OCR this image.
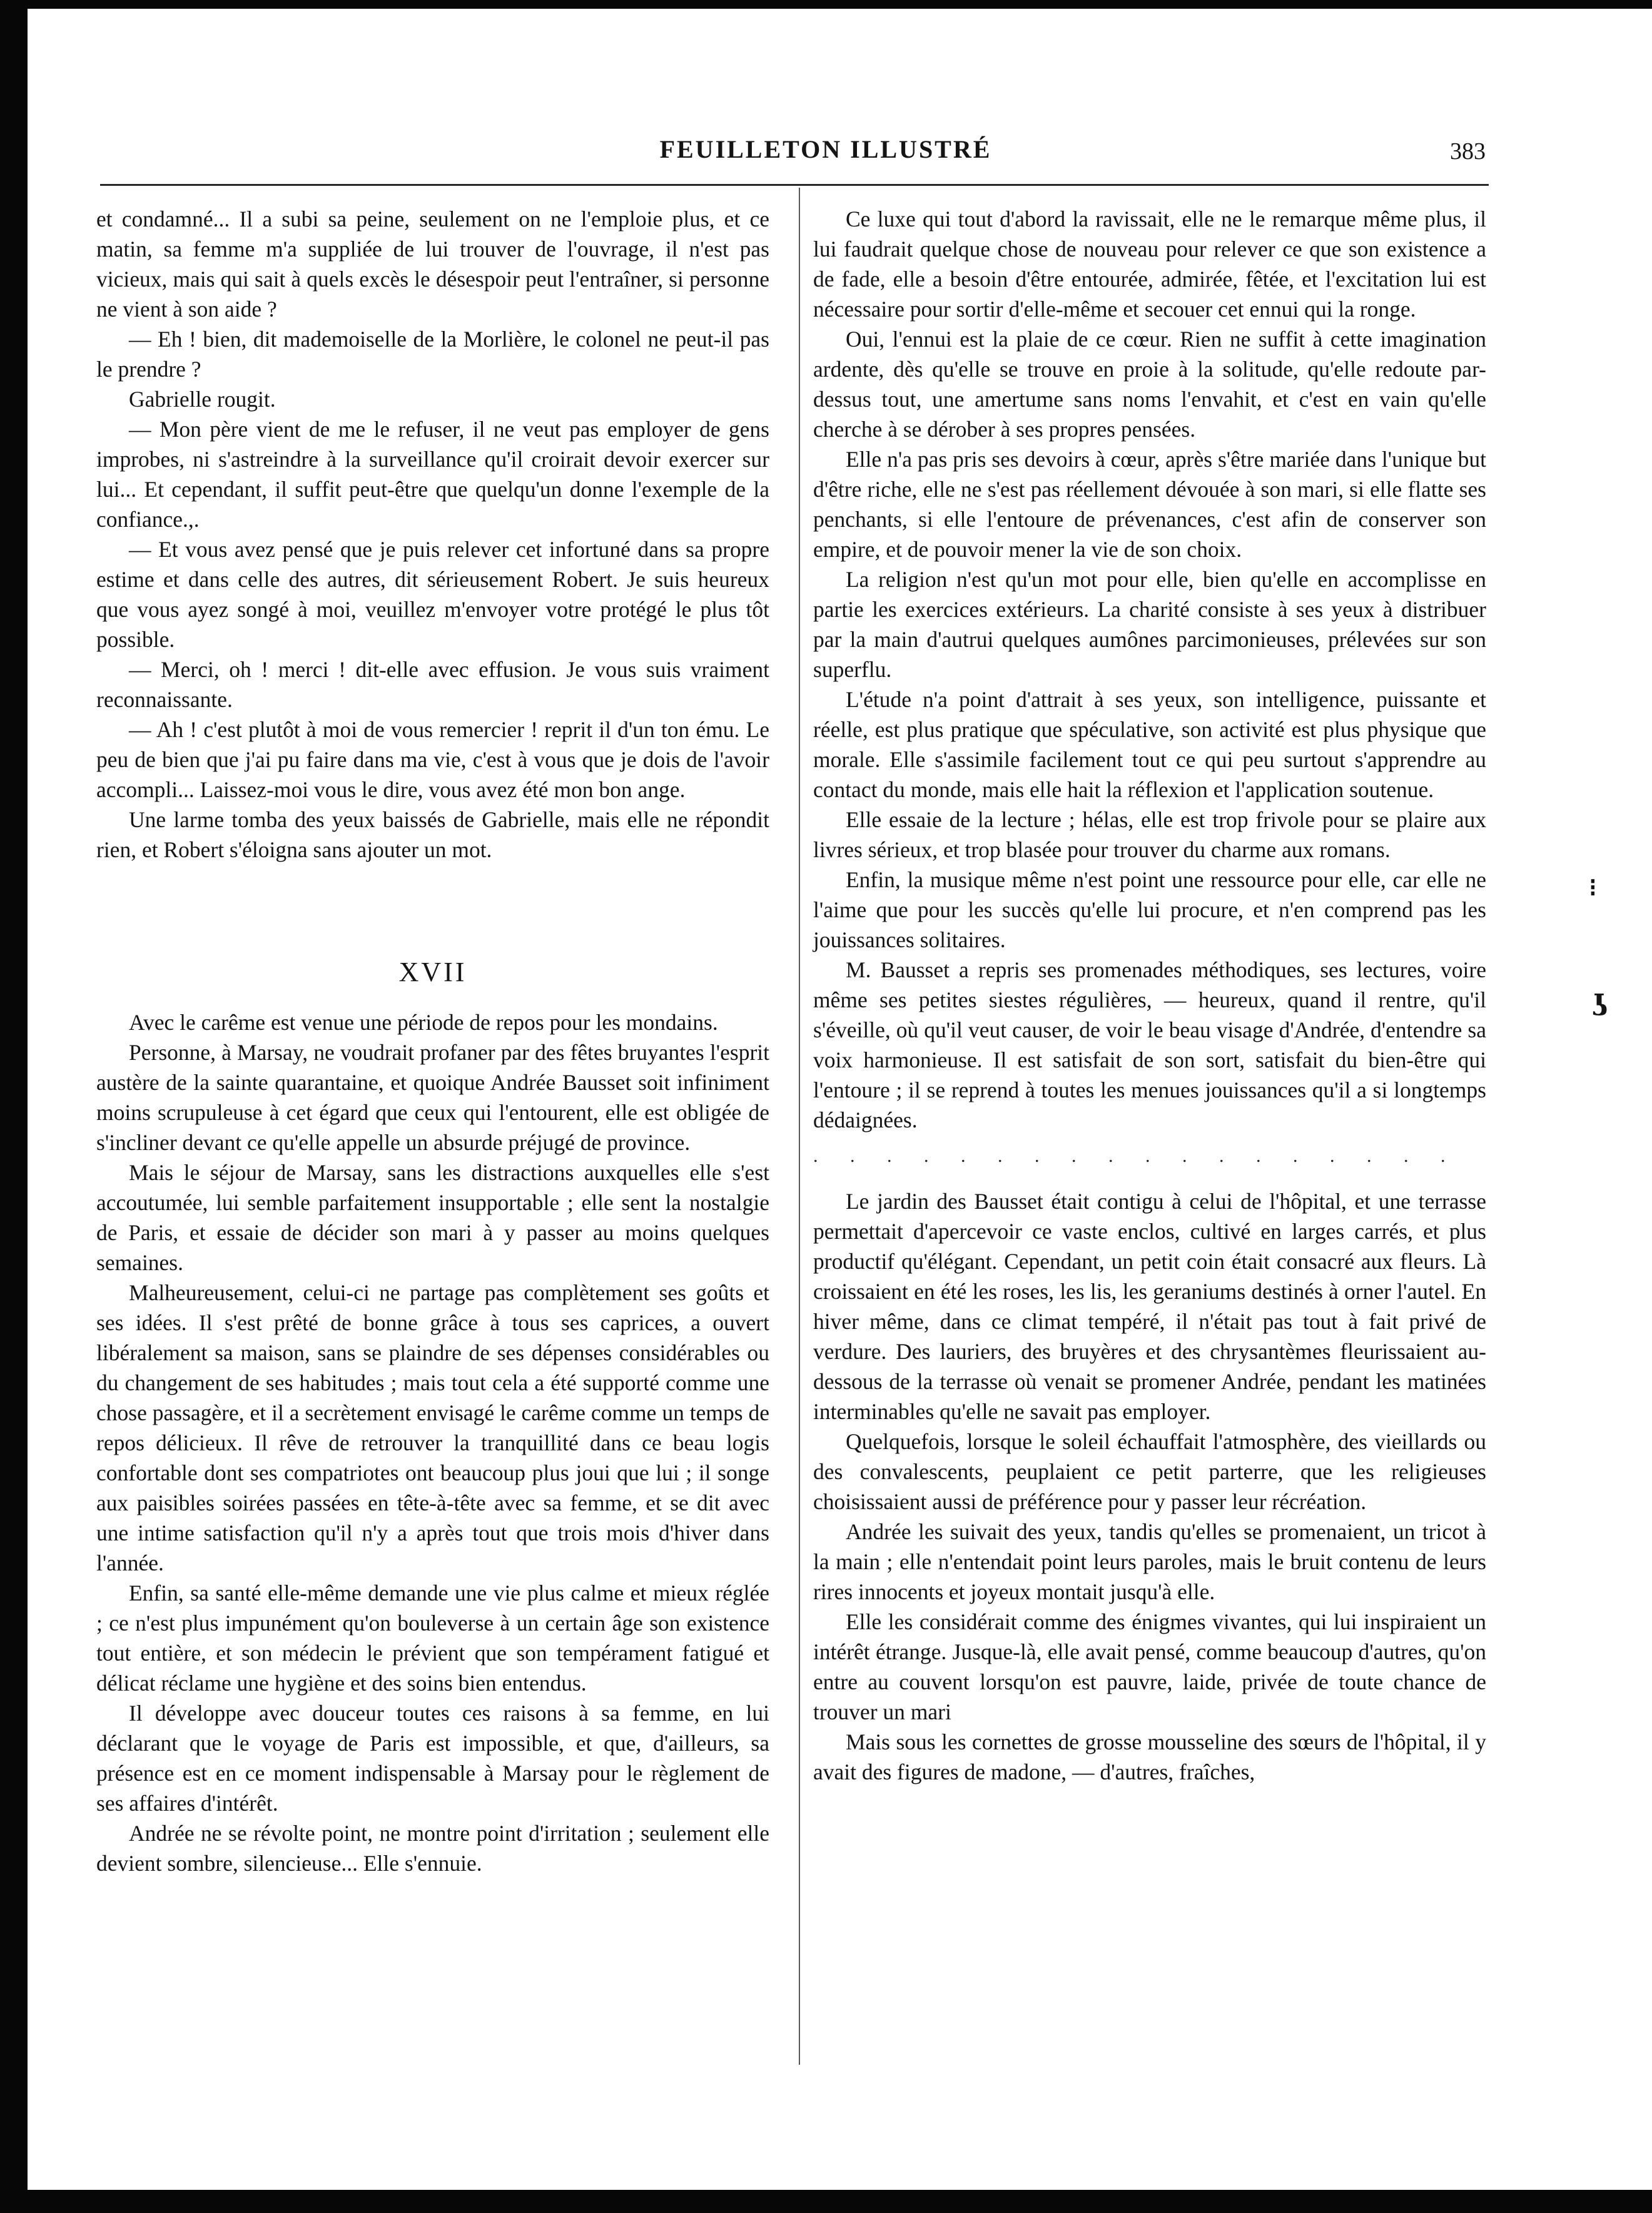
FEUILLETON ILLUSTRÉ	383

et condamné... Il a subi sa peine, seulement on ne l'emploie plus, et ce matin, sa femme m'a suppliée de lui trouver de l'ouvrage, il n'est pas vicieux, mais qui sait à quels excès le désespoir peut l'entraîner, si personne ne vient à son aide ?

— Eh ! bien, dit mademoiselle de la Morlière, le colonel ne peut-il pas le prendre ?

Gabrielle rougit.

— Mon père vient de me le refuser, il ne veut pas employer de gens improbes, ni s'astreindre à la surveillance qu'il croirait devoir exercer sur lui... Et cependant, il suffit peut-être que quelqu'un donne l'exemple de la confiance.,.

— Et vous avez pensé que je puis relever cet infortuné dans sa propre estime et dans celle des autres, dit sérieusement Robert. Je suis heureux que vous ayez songé à moi, veuillez m'envoyer votre protégé le plus tôt possible.

— Merci, oh ! merci ! dit-elle avec effusion. Je vous suis vraiment reconnaissante.

— Ah ! c'est plutôt à moi de vous remercier ! reprit il d'un ton ému. Le peu de bien que j'ai pu faire dans ma vie, c'est à vous que je dois de l'avoir accompli... Laissez-moi vous le dire, vous avez été mon bon ange.

Une larme tomba des yeux baissés de Gabrielle, mais elle ne répondit rien, et Robert s'éloigna sans ajouter un mot.

XVII

Avec le carême est venue une période de repos pour les mondains.

Personne, à Marsay, ne voudrait profaner par des fêtes bruyantes l'esprit austère de la sainte quarantaine, et quoique Andrée Bausset soit infiniment moins scrupuleuse à cet égard que ceux qui l'entourent, elle est obligée de s'incliner devant ce qu'elle appelle un absurde préjugé de province.

Mais le séjour de Marsay, sans les distractions auxquelles elle s'est accoutumée, lui semble parfaitement insupportable ; elle sent la nostalgie de Paris, et essaie de décider son mari à y passer au moins quelques semaines.

Malheureusement, celui-ci ne partage pas complètement ses goûts et ses idées. Il s'est prêté de bonne grâce à tous ses caprices, a ouvert libéralement sa maison, sans se plaindre de ses dépenses considérables ou du changement de ses habitudes ; mais tout cela a été supporté comme une chose passagère, et il a secrètement envisagé le carême comme un temps de repos délicieux. Il rêve de retrouver la tranquillité dans ce beau logis confortable dont ses compatriotes ont beaucoup plus joui que lui ; il songe aux paisibles soirées passées en tête-à-tête avec sa femme, et se dit avec une intime satisfaction qu'il n'y a après tout que trois mois d'hiver dans l'année.

Enfin, sa santé elle-même demande une vie plus calme et mieux réglée ; ce n'est plus impunément qu'on bouleverse à un certain âge son existence tout entière, et son médecin le prévient que son tempérament fatigué et délicat réclame une hygiène et des soins bien entendus.

Il développe avec douceur toutes ces raisons à sa femme, en lui déclarant que le voyage de Paris est impossible, et que, d'ailleurs, sa présence est en ce moment indispensable à Marsay pour le règlement de ses affaires d'intérêt.

Andrée ne se révolte point, ne montre point d'irritation ; seulement elle devient sombre, silencieuse... Elle s'ennuie.

Ce luxe qui tout d'abord la ravissait, elle ne le remarque même plus, il lui faudrait quelque chose de nouveau pour relever ce que son existence a de fade, elle a besoin d'être entourée, admirée, fêtée, et l'excitation lui est nécessaire pour sortir d'elle-même et secouer cet ennui qui la ronge.

Oui, l'ennui est la plaie de ce cœur. Rien ne suffit à cette imagination ardente, dès qu'elle se trouve en proie à la solitude, qu'elle redoute par-dessus tout, une amertume sans noms l'envahit, et c'est en vain qu'elle cherche à se dérober à ses propres pensées.

Elle n'a pas pris ses devoirs à cœur, après s'être mariée dans l'unique but d'être riche, elle ne s'est pas réellement dévouée à son mari, si elle flatte ses penchants, si elle l'entoure de prévenances, c'est afin de conserver son empire, et de pouvoir mener la vie de son choix.

La religion n'est qu'un mot pour elle, bien qu'elle en accomplisse en partie les exercices extérieurs. La charité consiste à ses yeux à distribuer par la main d'autrui quelques aumônes parcimonieuses, prélevées sur son superflu.

L'étude n'a point d'attrait à ses yeux, son intelligence, puissante et réelle, est plus pratique que spéculative, son activité est plus physique que morale. Elle s'assimile facilement tout ce qui peu surtout s'apprendre au contact du monde, mais elle hait la réflexion et l'application soutenue.

Elle essaie de la lecture ; hélas, elle est trop frivole pour se plaire aux livres sérieux, et trop blasée pour trouver du charme aux romans.

Enfin, la musique même n'est point une ressource pour elle, car elle ne l'aime que pour les succès qu'elle lui procure, et n'en comprend pas les jouissances solitaires.

M. Bausset a repris ses promenades méthodiques, ses lectures, voire même ses petites siestes régulières, — heureux, quand il rentre, qu'il s'éveille, où qu'il veut causer, de voir le beau visage d'Andrée, d'entendre sa voix harmonieuse. Il est satisfait de son sort, satisfait du bien-être qui l'entoure ; il se reprend à toutes les menues jouissances qu'il a si longtemps dédaignées.

. . . . . . . . . . . . . . . . . .

Le jardin des Bausset était contigu à celui de l'hôpital, et une terrasse permettait d'apercevoir ce vaste enclos, cultivé en larges carrés, et plus productif qu'élégant. Cependant, un petit coin était consacré aux fleurs. Là croissaient en été les roses, les lis, les geraniums destinés à orner l'autel. En hiver même, dans ce climat tempéré, il n'était pas tout à fait privé de verdure. Des lauriers, des bruyères et des chrysantèmes fleurissaient au-dessous de la terrasse où venait se promener Andrée, pendant les matinées interminables qu'elle ne savait pas employer.

Quelquefois, lorsque le soleil échauffait l'atmosphère, des vieillards ou des convalescents, peuplaient ce petit parterre, que les religieuses choisissaient aussi de préférence pour y passer leur récréation.

Andrée les suivait des yeux, tandis qu'elles se promenaient, un tricot à la main ; elle n'entendait point leurs paroles, mais le bruit contenu de leurs rires innocents et joyeux montait jusqu'à elle.

Elle les considérait comme des énigmes vivantes, qui lui inspiraient un intérêt étrange. Jusque-là, elle avait pensé, comme beaucoup d'autres, qu'on entre au couvent lorsqu'on est pauvre, laide, privée de toute chance de trouver un mari

Mais sous les cornettes de grosse mousseline des sœurs de l'hôpital, il y avait des figures de madone, — d'autres, fraîches,

⁝
ʖ
